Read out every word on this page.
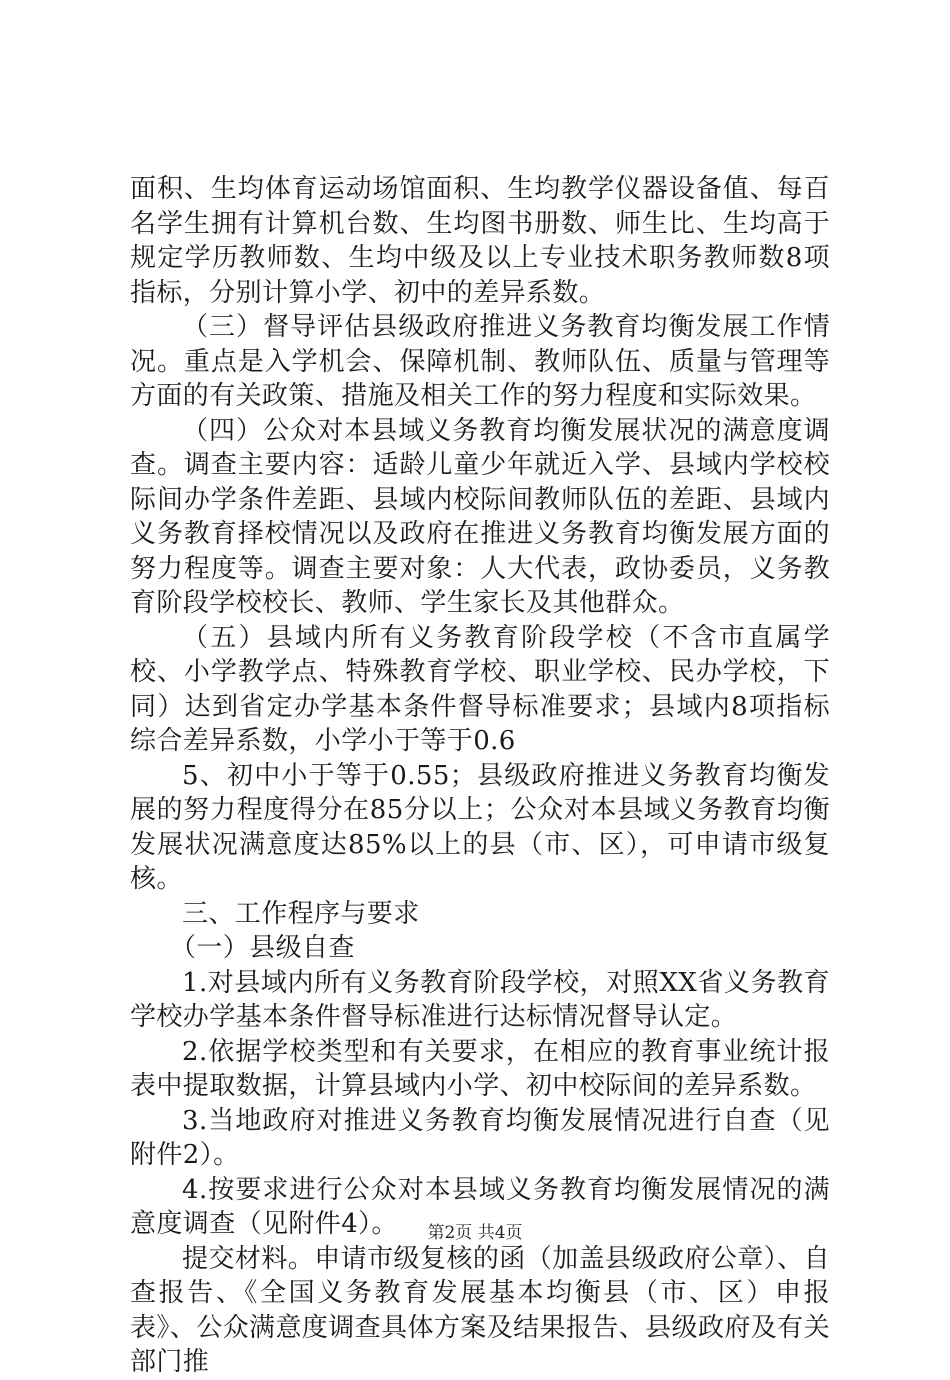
面积、生均体育运动场馆面积、生均教学仪器设备值、每百名学生拥有计算机台数、生均图书册数、师生比、生均高于规定学历教师数、生均中级及以上专业技术职务教师数8项指标，分别计算小学、初中的差异系数。

（三）督导评估县级政府推进义务教育均衡发展工作情况。重点是入学机会、保障机制、教师队伍、质量与管理等方面的有关政策、措施及相关工作的努力程度和实际效果。

（四）公众对本县域义务教育均衡发展状况的满意度调查。调查主要内容：适龄儿童少年就近入学、县域内学校校际间办学条件差距、县域内校际间教师队伍的差距、县域内义务教育择校情况以及政府在推进义务教育均衡发展方面的努力程度等。调查主要对象：人大代表，政协委员，义务教育阶段学校校长、教师、学生家长及其他群众。

（五）县域内所有义务教育阶段学校（不含市直属学校、小学教学点、特殊教育学校、职业学校、民办学校，下同）达到省定办学基本条件督导标准要求；县域内8项指标综合差异系数，小学小于等于0.6

5、初中小于等于0.55；县级政府推进义务教育均衡发展的努力程度得分在85分以上；公众对本县域义务教育均衡发展状况满意度达85%以上的县（市、区），可申请市级复核。

三、工作程序与要求

（一）县级自查

1.对县域内所有义务教育阶段学校，对照XX省义务教育学校办学基本条件督导标准进行达标情况督导认定。

2.依据学校类型和有关要求，在相应的教育事业统计报表中提取数据，计算县域内小学、初中校际间的差异系数。

3.当地政府对推进义务教育均衡发展情况进行自查（见附件2）。

4.按要求进行公众对本县域义务教育均衡发展情况的满意度调查（见附件4）。

提交材料。申请市级复核的函（加盖县级政府公章）、自查报告、《全国义务教育发展基本均衡县（市、区）申报表》、公众满意度调查具体方案及结果报告、县级政府及有关部门推

第2页 共4页
